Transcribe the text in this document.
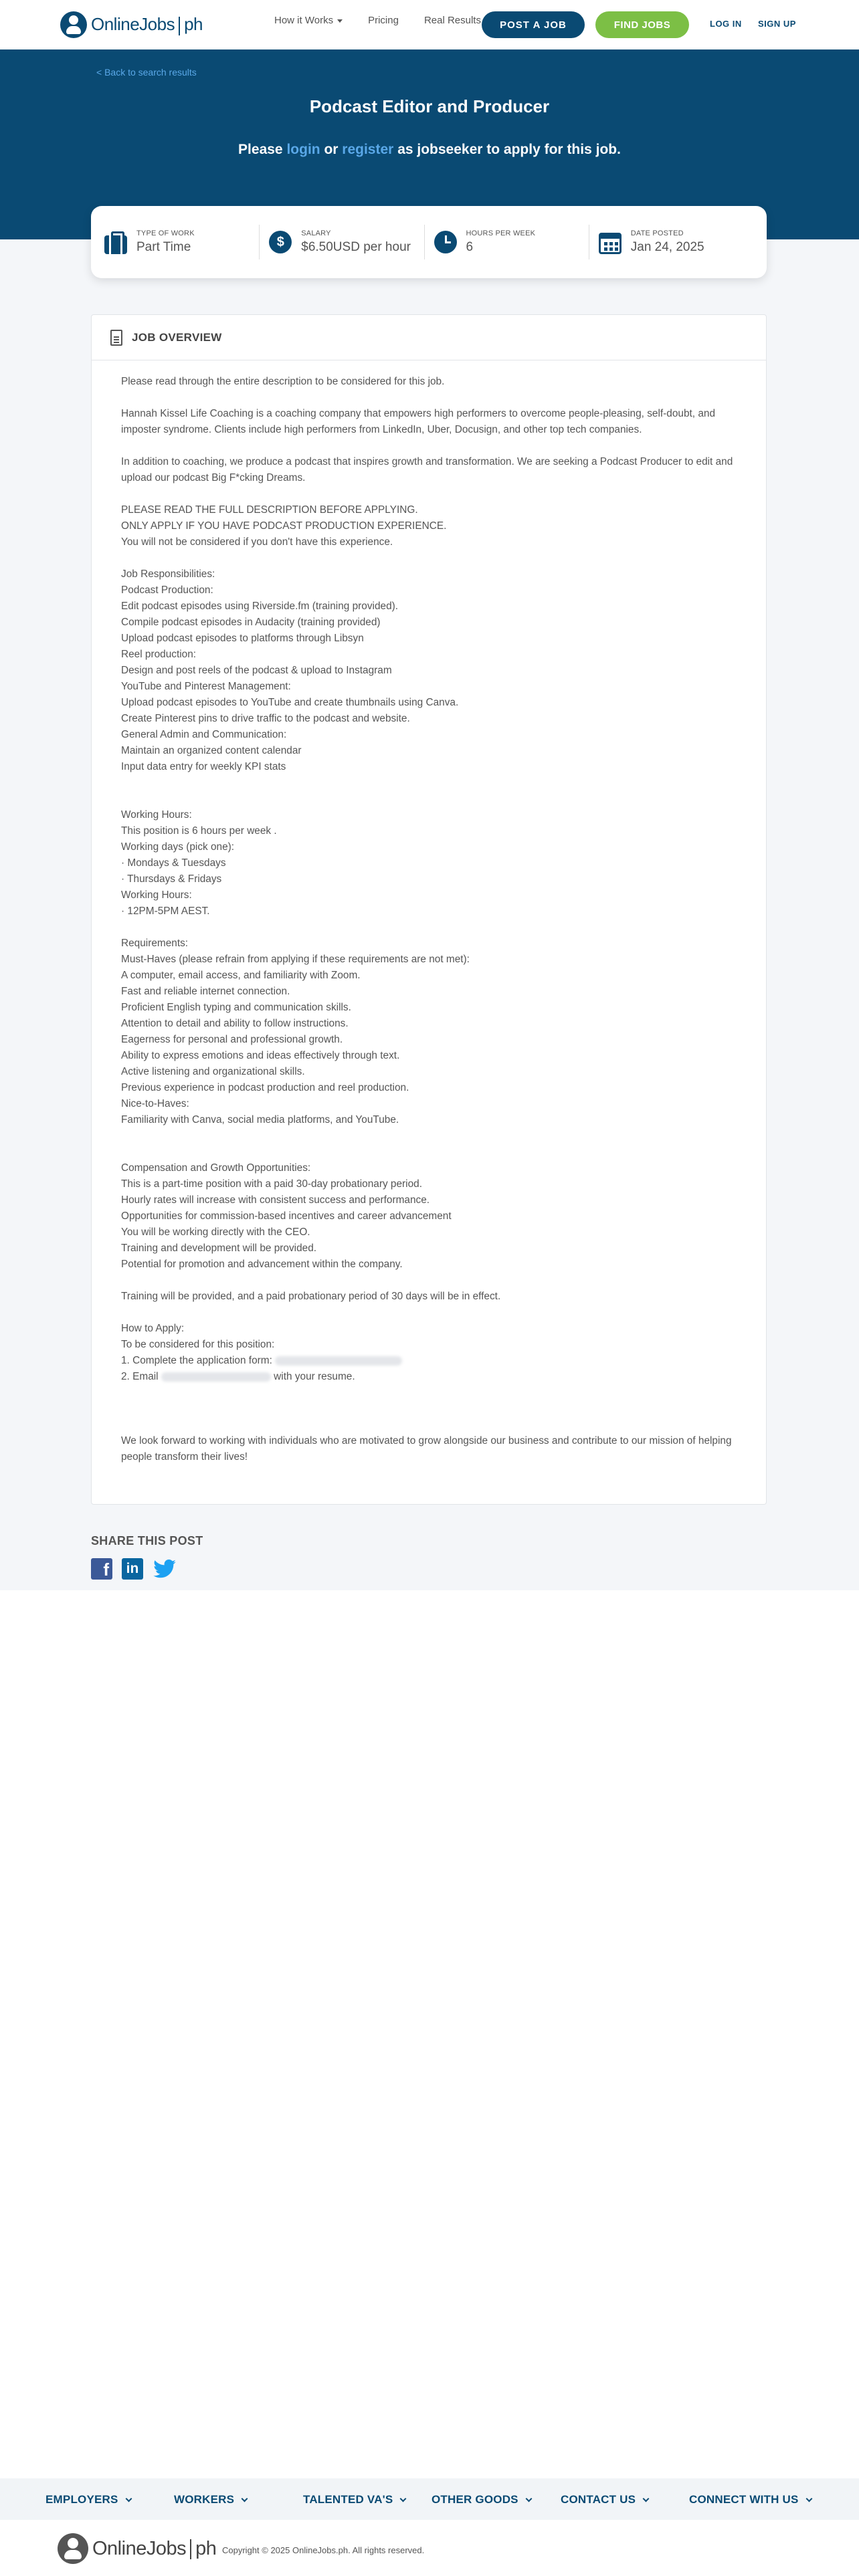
OnlineJobs ph	How it Works	Pricing	Real Results	POST A JOB	FIND JOBS	LOG IN SIGN UP
< Back to search results
Podcast Editor and Producer
Please login or register as jobseeker to apply for this job.
TYPE OF WORK
Part Time	$
SALARY
$6.50USD per hour
HOURS PER WEEK
6
DATE POSTED
Jan 24, 2025
JOB OVERVIEW
Please read through the entire description to be considered for this job.
Hannah Kissel Life Coaching is a coaching company that empowers high performers to overcome people-pleasing, self-doubt, and imposter syndrome. Clients include high performers from LinkedIn, Uber, Docusign, and other top tech companies.
In addition to coaching, we produce a podcast that inspires growth and transformation. We are seeking a Podcast Producer to edit and upload our podcast Big F*cking Dreams.
PLEASE READ THE FULL DESCRIPTION BEFORE APPLYING.
ONLY APPLY IF YOU HAVE PODCAST PRODUCTION EXPERIENCE.
You will not be considered if you don't have this experience.
Job Responsibilities:
Podcast Production:
Edit podcast episodes using Riverside.fm (training provided).
Compile podcast episodes in Audacity (training provided)
Upload podcast episodes to platforms through Libsyn
Reel production:
Design and post reels of the podcast & upload to Instagram
YouTube and Pinterest Management:
Upload podcast episodes to YouTube and create thumbnails using Canva.
Create Pinterest pins to drive traffic to the podcast and website.
General Admin and Communication:
Maintain an organized content calendar
Input data entry for weekly KPI stats
Working Hours:
This position is 6 hours per week .
Working days (pick one):
· Mondays & Tuesdays
· Thursdays & Fridays
Working Hours:
· 12PM-5PM AEST.
Requirements:
Must-Haves (please refrain from applying if these requirements are not met):
A computer, email access, and familiarity with Zoom.
Fast and reliable internet connection.
Proficient English typing and communication skills.
Attention to detail and ability to follow instructions.
Eagerness for personal and professional growth.
Ability to express emotions and ideas effectively through text.
Active listening and organizational skills.
Previous experience in podcast production and reel production.
Nice-to-Haves:
Familiarity with Canva, social media platforms, and YouTube.
Compensation and Growth Opportunities:
This is a part-time position with a paid 30-day probationary period.
Hourly rates will increase with consistent success and performance.
Opportunities for commission-based incentives and career advancement
You will be working directly with the CEO.
Training and development will be provided.
Potential for promotion and advancement within the company.
Training will be provided, and a paid probationary period of 30 days will be in effect.
How to Apply:
To be considered for this position:
1. Complete the application form:
2. Email	with your resume.
We look forward to working with individuals who are motivated to grow alongside our business and contribute to our mission of helping people transform their lives!
SHARE THIS POST
f	in
EMPLOYERS	WORKERS	TALENTED VA'S	OTHER GOODS	CONTACT US	CONNECT WITH US
OnlineJobs ph Copyright © 2025 OnlineJobs.ph. All rights reserved.
